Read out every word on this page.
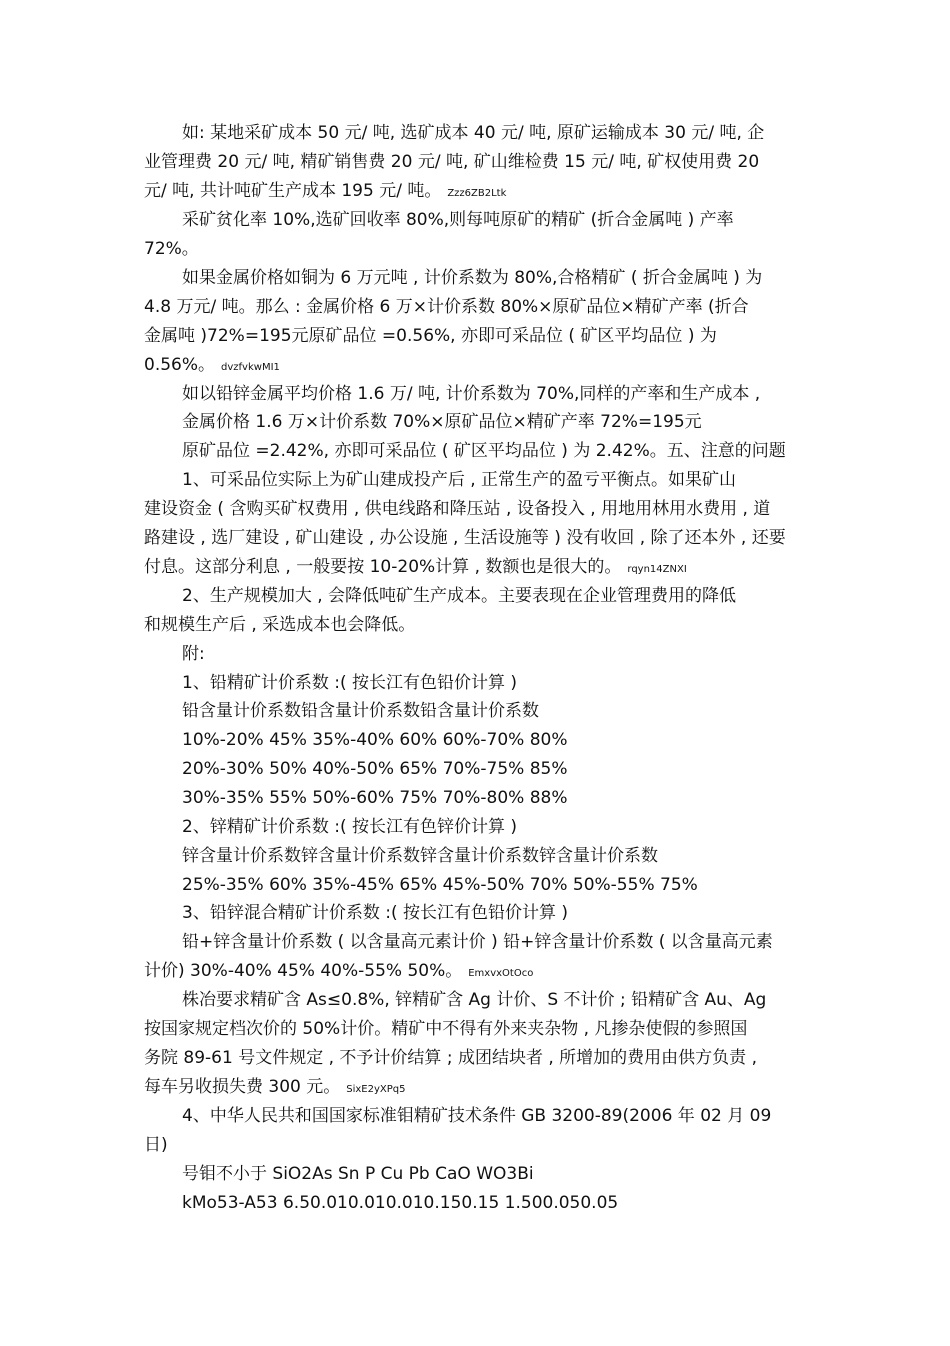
如: 某地采矿成本 50 元/ 吨, 选矿成本 40 元/ 吨, 原矿运输成本 30 元/ 吨, 企
业管理费 20 元/ 吨, 精矿销售费 20 元/ 吨, 矿山维检费 15 元/ 吨, 矿权使用费 20
元/ 吨, 共计吨矿生产成本 195 元/ 吨。 Zzz6ZB2Ltk
采矿贫化率 10%,选矿回收率 80%,则每吨原矿的精矿 (折合金属吨 ) 产率
72%。
如果金属价格如铜为 6 万元吨 , 计价系数为 80%,合格精矿 ( 折合金属吨 ) 为
4.8 万元/ 吨。那么 : 金属价格 6 万×计价系数 80%×原矿品位×精矿产率 (折合
金属吨 )72%=195元原矿品位 =0.56%, 亦即可采品位 ( 矿区平均品位 ) 为
0.56%。 dvzfvkwMI1
如以铅锌金属平均价格 1.6 万/ 吨, 计价系数为 70%,同样的产率和生产成本 ,
金属价格 1.6 万×计价系数 70%×原矿品位×精矿产率 72%=195元
原矿品位 =2.42%, 亦即可采品位 ( 矿区平均品位 ) 为 2.42%。五、注意的问题
1、可采品位实际上为矿山建成投产后 , 正常生产的盈亏平衡点。如果矿山
建设资金 ( 含购买矿权费用 , 供电线路和降压站 , 设备投入 , 用地用林用水费用 , 道
路建设 , 选厂建设 , 矿山建设 , 办公设施 , 生活设施等 ) 没有收回 , 除了还本外 , 还要
付息。这部分利息 , 一般要按 10-20%计算 , 数额也是很大的。 rqyn14ZNXI
2、生产规模加大 , 会降低吨矿生产成本。主要表现在企业管理费用的降低
和规模生产后 , 采选成本也会降低。
附:
1、铅精矿计价系数 :( 按长江有色铅价计算 )
铅含量计价系数铅含量计价系数铅含量计价系数
10%-20% 45% 35%-40% 60% 60%-70% 80%
20%-30% 50% 40%-50% 65% 70%-75% 85%
30%-35% 55% 50%-60% 75% 70%-80% 88%
2、锌精矿计价系数 :( 按长江有色锌价计算 )
锌含量计价系数锌含量计价系数锌含量计价系数锌含量计价系数
25%-35% 60% 35%-45% 65% 45%-50% 70% 50%-55% 75%
3、铅锌混合精矿计价系数 :( 按长江有色铅价计算 )
铅+锌含量计价系数 ( 以含量高元素计价 ) 铅+锌含量计价系数 ( 以含量高元素
计价) 30%-40% 45% 40%-55% 50%。 EmxvxOtOco
株冶要求精矿含 As≤0.8%, 锌精矿含 Ag 计价、S 不计价 ; 铅精矿含 Au、Ag
按国家规定档次价的 50%计价。精矿中不得有外来夹杂物 , 凡掺杂使假的参照国
务院 89-61 号文件规定 , 不予计价结算 ; 成团结块者 , 所增加的费用由供方负责 ,
每车另收损失费 300 元。 SixE2yXPq5
4、中华人民共和国国家标准钼精矿技术条件 GB 3200-89(2006 年 02 月 09
日)
号钼不小于 SiO2As Sn P Cu Pb CaO WO3Bi
kMo53-A53 6.50.010.010.010.150.15 1.500.050.05
